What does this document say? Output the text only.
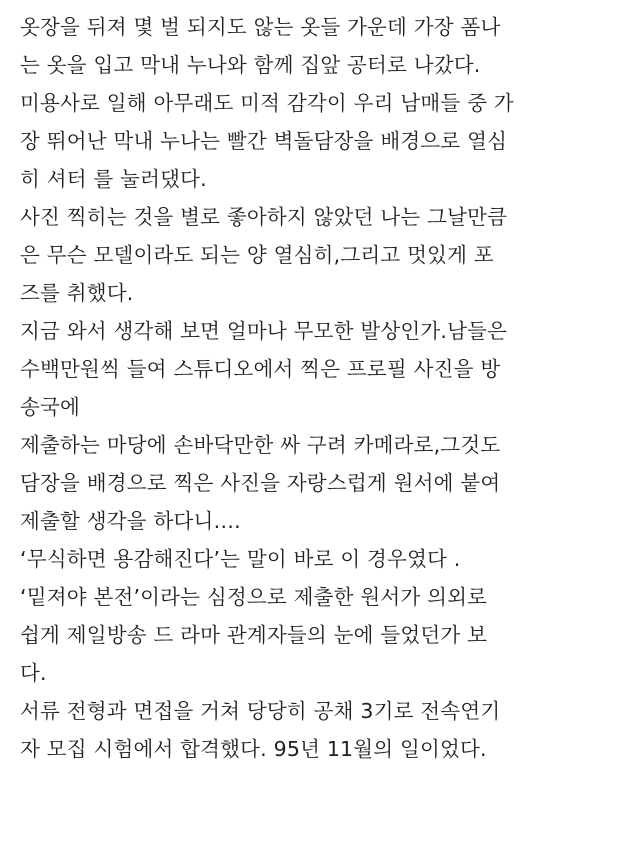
옷장을 뒤져 몇 벌 되지도 않는 옷들 가운데 가장 폼나
는 옷을 입고 막내 누나와 함께 집앞 공터로 나갔다.
미용사로 일해 아무래도 미적 감각이 우리 남매들 중 가
장 뛰어난 막내 누나는 빨간 벽돌담장을 배경으로 열심
히 셔터 를 눌러댔다.
사진 찍히는 것을 별로 좋아하지 않았던 나는 그날만큼
은 무슨 모델이라도 되는 양 열심히,그리고 멋있게 포
즈를 취했다.
지금 와서 생각해 보면 얼마나 무모한 발상인가.남들은
수백만원씩 들여 스튜디오에서 찍은 프로필 사진을 방
송국에
제출하는 마당에 손바닥만한 싸 구려 카메라로,그것도
담장을 배경으로 찍은 사진을 자랑스럽게 원서에 붙여
제출할 생각을 하다니….
‘무식하면 용감해진다’는 말이 바로 이 경우였다 .
‘밑져야 본전’이라는 심정으로 제출한 원서가 의외로
쉽게 제일방송 드 라마 관계자들의 눈에 들었던가 보
다.
서류 전형과 면접을 거쳐 당당히 공채 3기로 전속연기
자 모집 시험에서 합격했다. 95년 11월의 일이었다.
